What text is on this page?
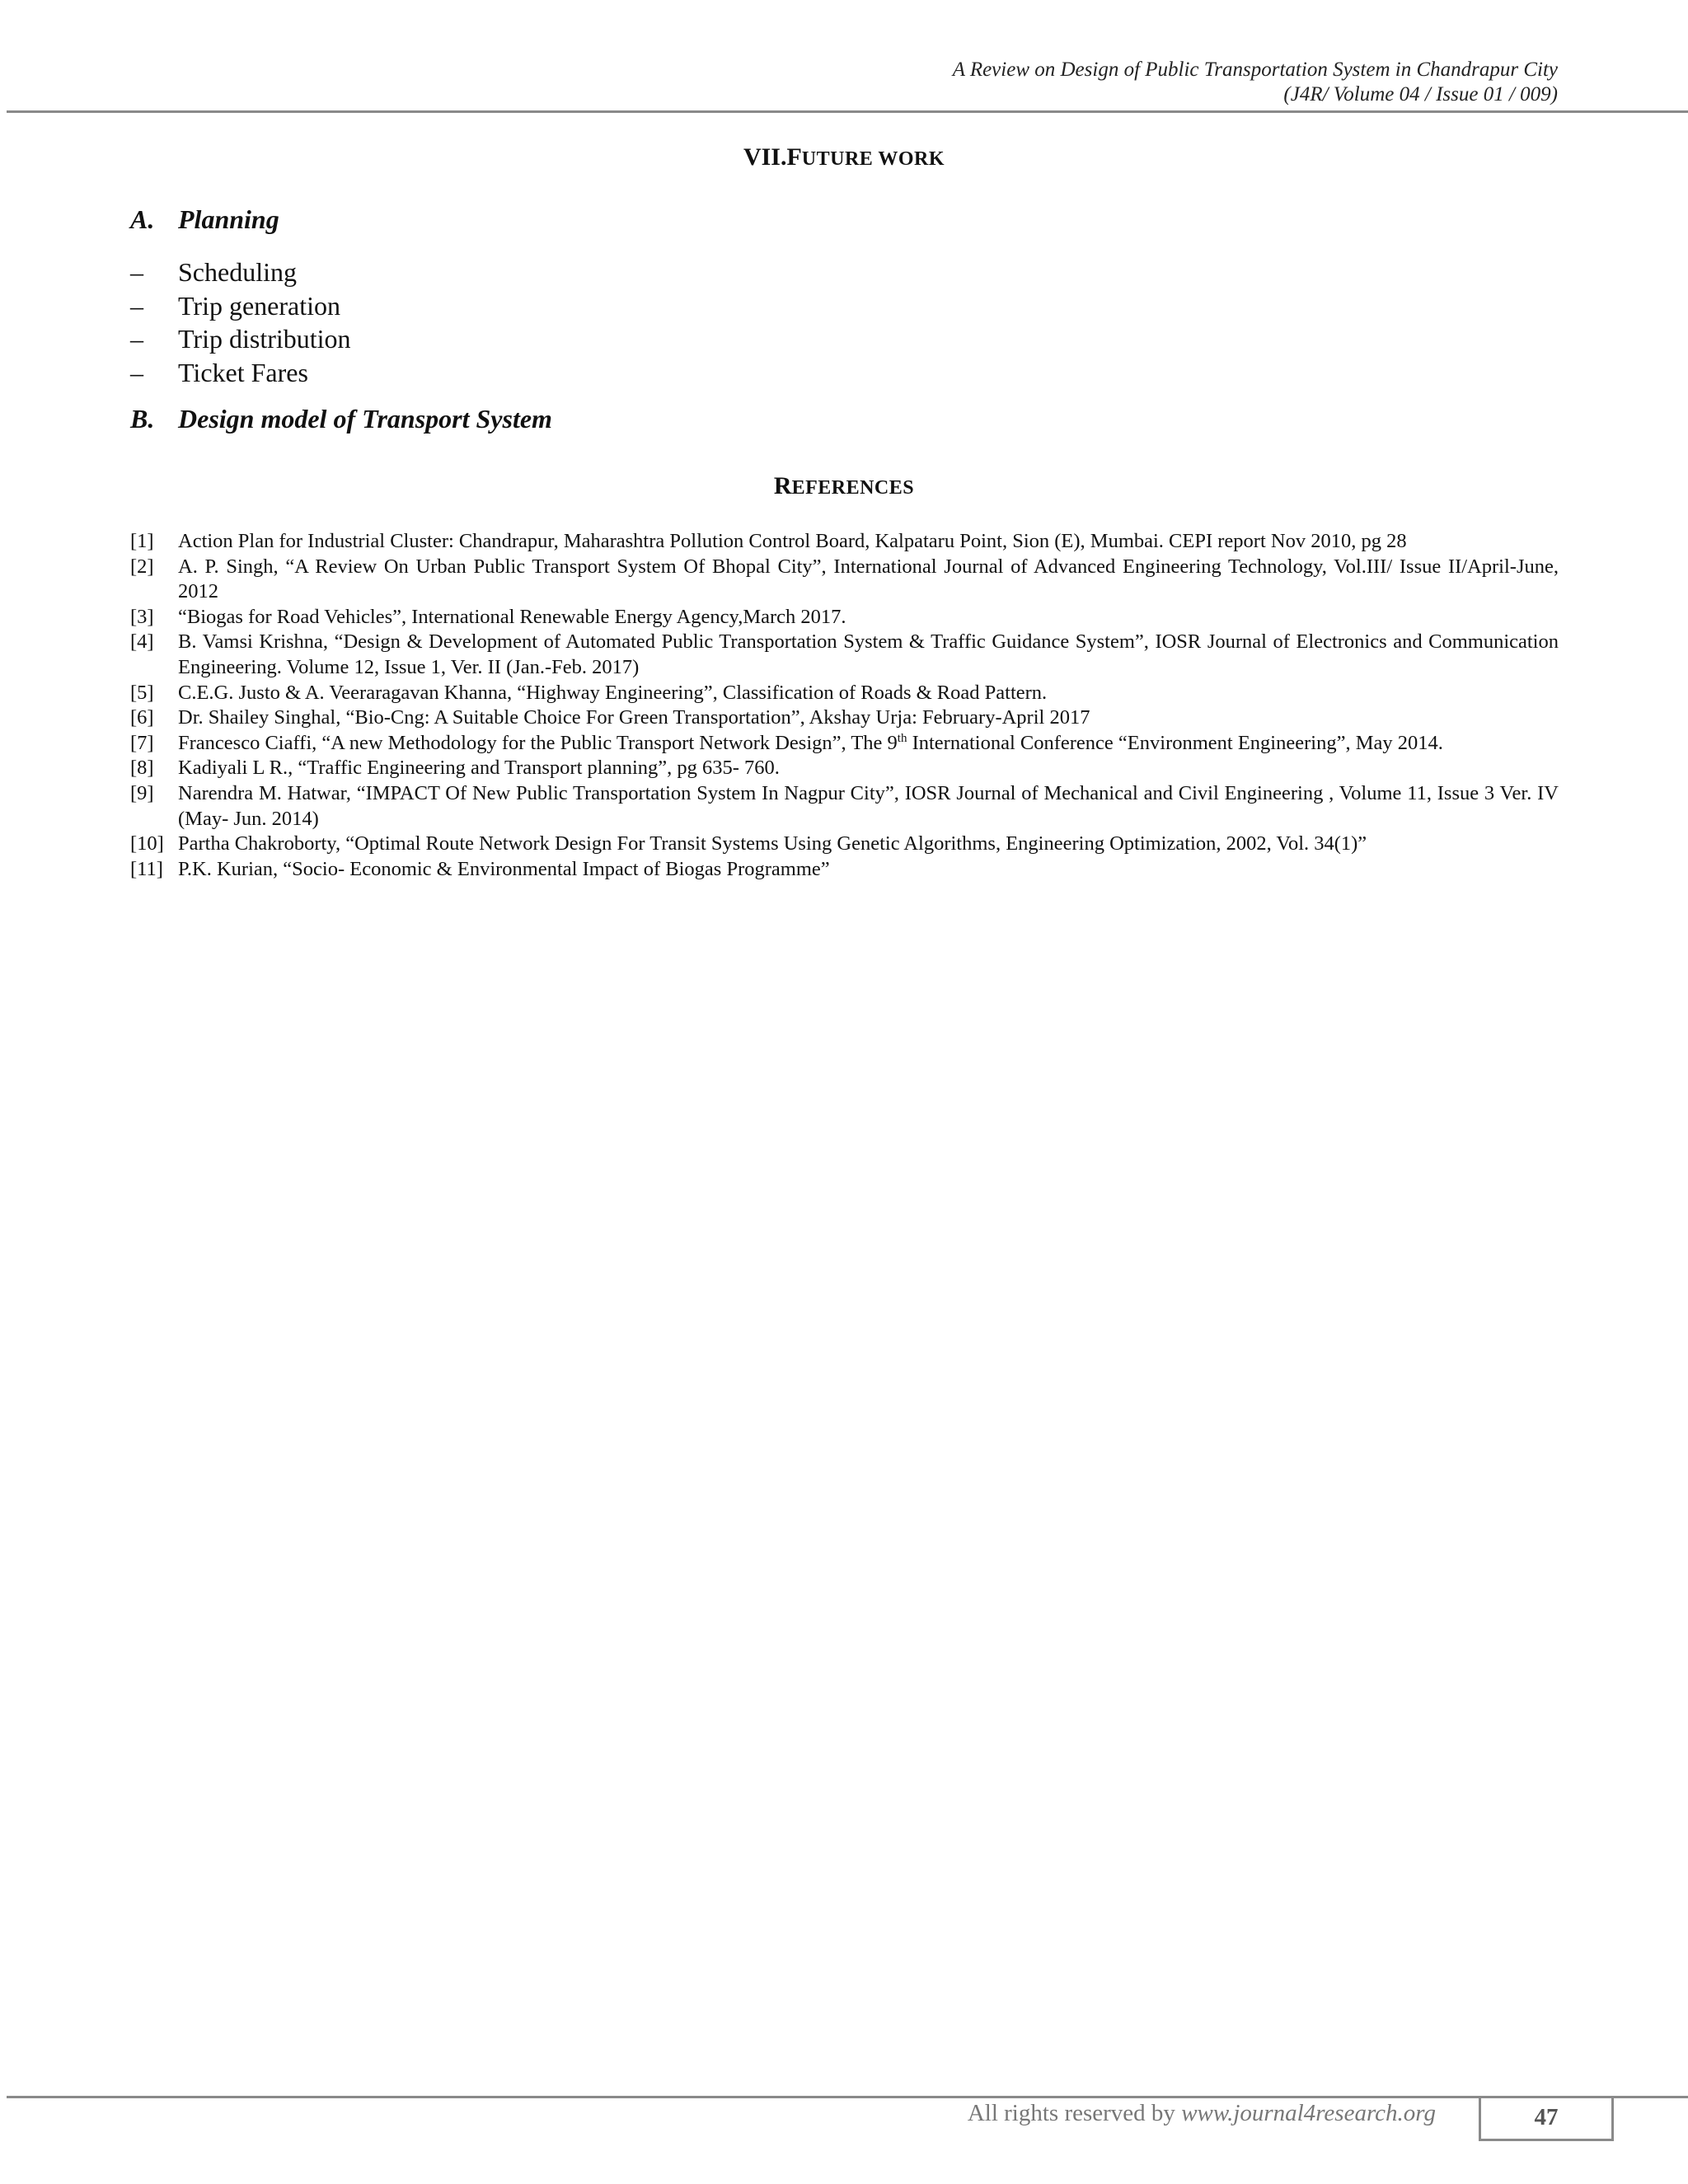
A Review on Design of Public Transportation System in Chandrapur City
(J4R/ Volume 04 / Issue 01 / 009)
VII.FUTURE WORK
A. Planning
– Scheduling
– Trip generation
– Trip distribution
– Ticket Fares
B. Design model of Transport System
REFERENCES
[1]	Action Plan for Industrial Cluster: Chandrapur, Maharashtra Pollution Control Board, Kalpataru Point, Sion (E), Mumbai. CEPI report Nov 2010, pg 28
[2]	A. P. Singh, “A Review On Urban Public Transport System Of Bhopal City”, International Journal of Advanced Engineering Technology, Vol.III/ Issue II/April-June, 2012
[3]	“Biogas for Road Vehicles”, International Renewable Energy Agency,March 2017.
[4]	B. Vamsi Krishna, “Design & Development of Automated Public Transportation System & Traffic Guidance System”, IOSR Journal of Electronics and Communication Engineering. Volume 12, Issue 1, Ver. II (Jan.-Feb. 2017)
[5]	C.E.G. Justo & A. Veeraragavan Khanna, “Highway Engineering”, Classification of Roads & Road Pattern.
[6]	Dr. Shailey Singhal, “Bio-Cng: A Suitable Choice For Green Transportation”, Akshay Urja: February-April 2017
[7]	Francesco Ciaffi, “A new Methodology for the Public Transport Network Design”, The 9th International Conference “Environment Engineering”, May 2014.
[8]	Kadiyali L R., “Traffic Engineering and Transport planning”, pg 635- 760.
[9]	Narendra M. Hatwar, “IMPACT Of New Public Transportation System In Nagpur City”, IOSR Journal of Mechanical and Civil Engineering , Volume 11, Issue 3 Ver. IV (May- Jun. 2014)
[10] Partha Chakroborty, “Optimal Route Network Design For Transit Systems Using Genetic Algorithms, Engineering Optimization, 2002, Vol. 34(1)”
[11] P.K. Kurian, “Socio- Economic & Environmental Impact of Biogas Programme”
All rights reserved by www.journal4research.org	47
